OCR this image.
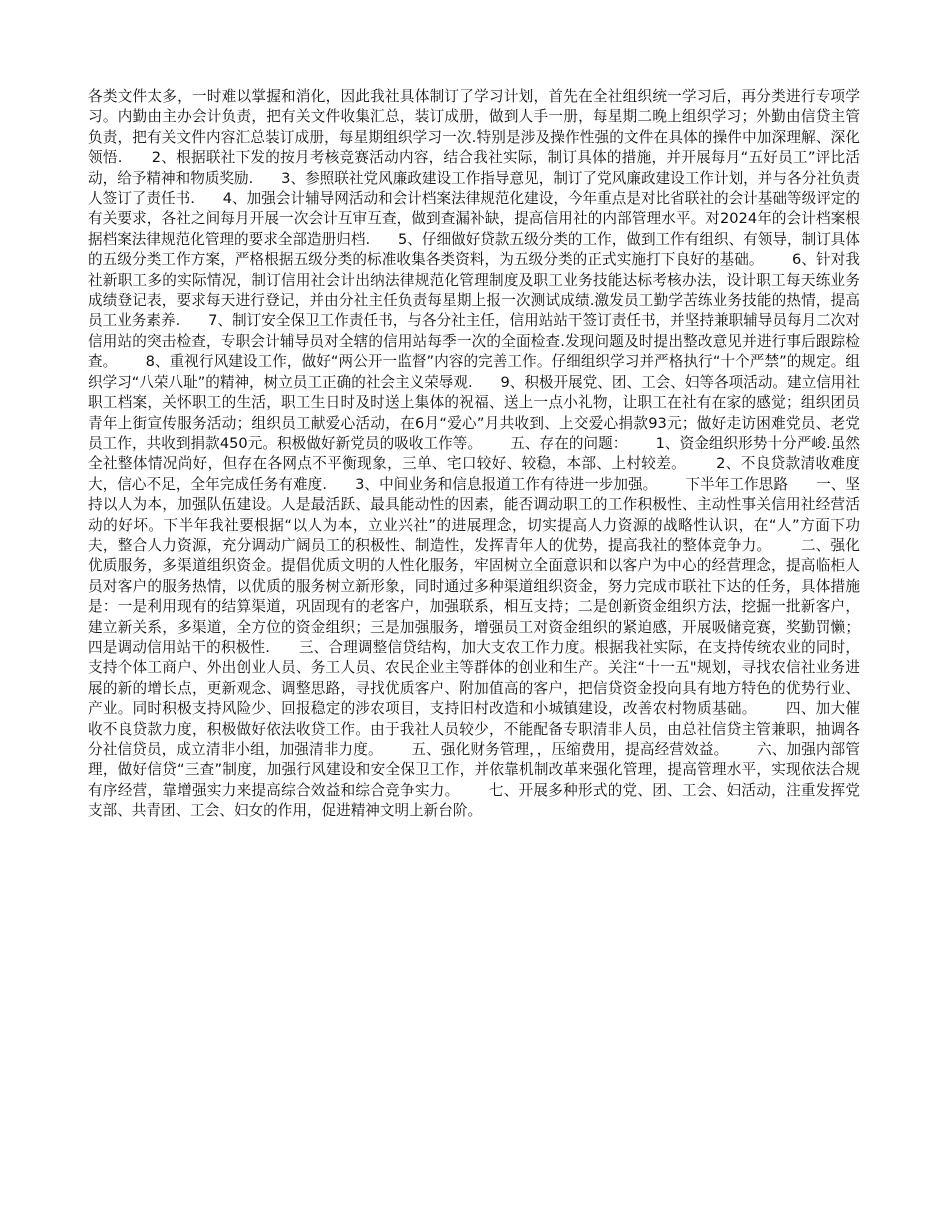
各类文件太多，一时难以掌握和消化，因此我社具体制订了学习计划，首先在全社组织统一学习后，再分类进行专项学习。内勤由主办会计负责，把有关文件收集汇总，装订成册，做到人手一册，每星期二晚上组织学习；外勤由信贷主管负责，把有关文件内容汇总装订成册，每星期组织学习一次.特别是涉及操作性强的文件在具体的操件中加深理解、深化领悟.      2、根据联社下发的按月考核竞赛活动内容，结合我社实际，制订具体的措施，并开展每月“五好员工”评比活动，给予精神和物质奖励.      3、参照联社党风廉政建设工作指导意见，制订了党风廉政建设工作计划，并与各分社负责人签订了责任书.      4、加强会计辅导网活动和会计档案法律规范化建设，今年重点是对比省联社的会计基础等级评定的有关要求，各社之间每月开展一次会计互审互查，做到查漏补缺，提高信用社的内部管理水平。对2024年的会计档案根据档案法律规范化管理的要求全部造册归档.      5、仔细做好贷款五级分类的工作，做到工作有组织、有领导，制订具体的五级分类工作方案，严格根据五级分类的标准收集各类资料，为五级分类的正式实施打下良好的基础。      6、针对我社新职工多的实际情况，制订信用社会计出纳法律规范化管理制度及职工业务技能达标考核办法，设计职工每天练业务成绩登记表，要求每天进行登记，并由分社主任负责每星期上报一次测试成绩.激发员工勤学苦练业务技能的热情，提高员工业务素养.      7、制订安全保卫工作责任书，与各分社主任，信用站站干签订责任书，并坚持兼职辅导员每月二次对信用站的突击检查，专职会计辅导员对全辖的信用站每季一次的全面检查.发现问题及时提出整改意见并进行事后跟踪检查。      8、重视行风建设工作，做好“两公开一监督”内容的完善工作。仔细组织学习并严格执行“十个严禁”的规定。组织学习“八荣八耻”的精神，树立员工正确的社会主义荣辱观.      9、积极开展党、团、工会、妇等各项活动。建立信用社职工档案，关怀职工的生活，职工生日时及时送上集体的祝福、送上一点小礼物，让职工在社有在家的感觉；组织团员青年上街宣传服务活动；组织员工献爱心活动，在6月“爱心”月共收到、上交爱心捐款93元；做好走访困难党员、老党员工作，共收到捐款450元。积极做好新党员的吸收工作等。      五、存在的问题：      1、资金组织形势十分严峻.虽然全社整体情况尚好，但存在各网点不平衡现象，三单、宅口较好、较稳，本部、上村较差。      2、不良贷款清收难度大，信心不足，全年完成任务有难度.      3、中间业务和信息报道工作有待进一步加强。      下半年工作思路      一、坚持以人为本，加强队伍建设。人是最活跃、最具能动性的因素，能否调动职工的工作积极性、主动性事关信用社经营活动的好坏。下半年我社要根据“以人为本，立业兴社”的进展理念，切实提高人力资源的战略性认识，在“人”方面下功夫，整合人力资源，充分调动广阔员工的积极性、制造性，发挥青年人的优势，提高我社的整体竞争力。      二、强化优质服务，多渠道组织资金。提倡优质文明的人性化服务，牢固树立全面意识和以客户为中心的经营理念，提高临柜人员对客户的服务热情，以优质的服务树立新形象，同时通过多种渠道组织资金，努力完成市联社下达的任务，具体措施是：一是利用现有的结算渠道，巩固现有的老客户，加强联系，相互支持；二是创新资金组织方法，挖掘一批新客户，建立新关系，多渠道，全方位的资金组织；三是加强服务，增强员工对资金组织的紧迫感，开展吸储竞赛，奖勤罚懒；四是调动信用站干的积极性.      三、合理调整信贷结构，加大支农工作力度。根据我社实际，在支持传统农业的同时，支持个体工商户、外出创业人员、务工人员、农民企业主等群体的创业和生产。关注“十一五"规划，寻找农信社业务进展的新的增长点，更新观念、调整思路，寻找优质客户、附加值高的客户，把信贷资金投向具有地方特色的优势行业、产业。同时积极支持风险少、回报稳定的涉农项目，支持旧村改造和小城镇建设，改善农村物质基础。      四、加大催收不良贷款力度，积极做好依法收贷工作。由于我社人员较少，不能配备专职清非人员，由总社信贷主管兼职，抽调各分社信贷员，成立清非小组，加强清非力度。      五、强化财务管理，，压缩费用，提高经营效益。      六、加强内部管理，做好信贷“三查”制度，加强行风建设和安全保卫工作，并依靠机制改革来强化管理，提高管理水平，实现依法合规有序经营，靠增强实力来提高综合效益和综合竞争实力。      七、开展多种形式的党、团、工会、妇活动，注重发挥党支部、共青团、工会、妇女的作用，促进精神文明上新台阶。
